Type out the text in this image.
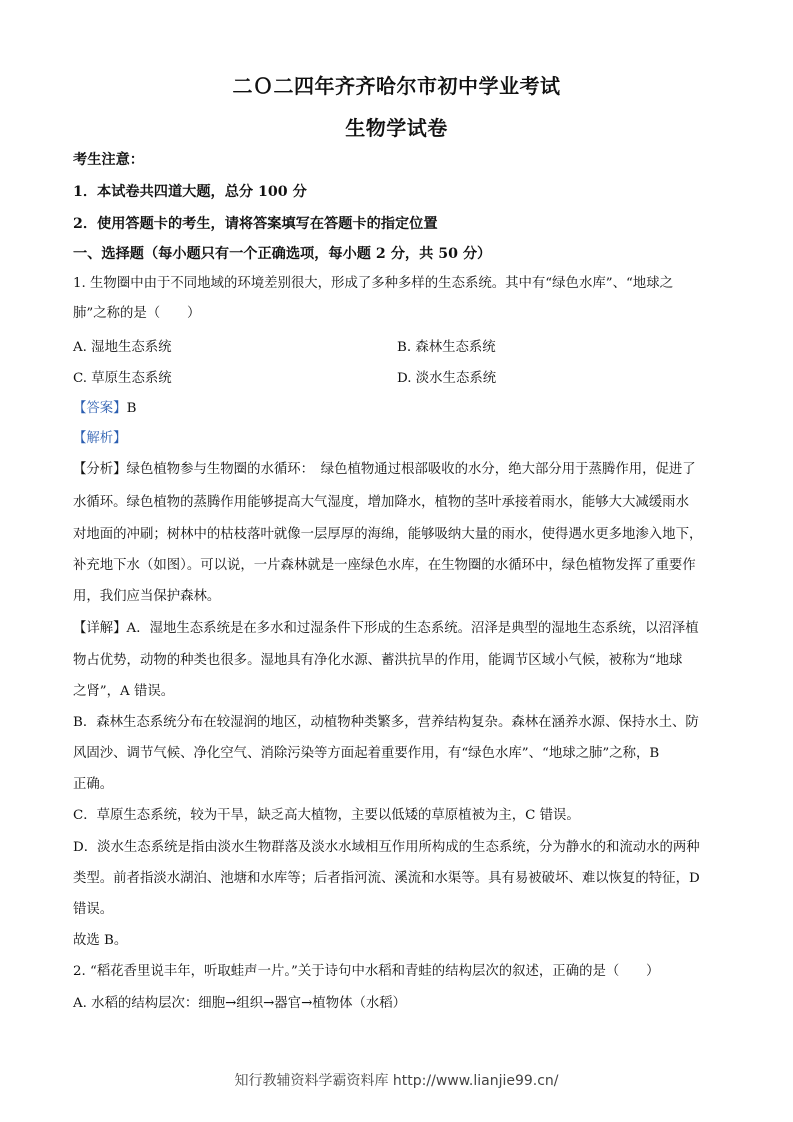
二Ｏ二四年齐齐哈尔市初中学业考试
生物学试卷
考生注意：
1．本试卷共四道大题，总分 100 分
2．使用答题卡的考生，请将答案填写在答题卡的指定位置
一、选择题（每小题只有一个正确选项，每小题 2 分，共 50 分）
1. 生物圈中由于不同地域的环境差别很大，形成了多种多样的生态系统。其中有“绿色水库”、“地球之
肺”之称的是（　　）
A. 湿地生态系统	B. 森林生态系统
C. 草原生态系统	D. 淡水生态系统
【答案】B
【解析】
【分析】绿色植物参与生物圈的水循环：　绿色植物通过根部吸收的水分，绝大部分用于蒸腾作用，促进了
水循环。绿色植物的蒸腾作用能够提高大气湿度，增加降水，植物的茎叶承接着雨水，能够大大减缓雨水
对地面的冲刷；树林中的枯枝落叶就像一层厚厚的海绵，能够吸纳大量的雨水，使得遇水更多地渗入地下，
补充地下水（如图）。可以说，一片森林就是一座绿色水库，在生物圈的水循环中，绿色植物发挥了重要作
用，我们应当保护森林。
【详解】A．湿地生态系统是在多水和过湿条件下形成的生态系统。沼泽是典型的湿地生态系统，以沼泽植
物占优势，动物的种类也很多。湿地具有净化水源、蓄洪抗旱的作用，能调节区域小气候，被称为“地球
之肾”，A 错误。
B．森林生态系统分布在较湿润的地区，动植物种类繁多，营养结构复杂。森林在涵养水源、保持水土、防
风固沙、调节气候、净化空气、消除污染等方面起着重要作用，有“绿色水库”、“地球之肺”之称，B
正确。
C．草原生态系统，较为干旱，缺乏高大植物，主要以低矮的草原植被为主，C 错误。
D．淡水生态系统是指由淡水生物群落及淡水水域相互作用所构成的生态系统，分为静水的和流动水的两种
类型。前者指淡水湖泊、池塘和水库等；后者指河流、溪流和水渠等。具有易被破坏、难以恢复的特征，D
错误。
故选 B。
2. “稻花香里说丰年，听取蛙声一片。”关于诗句中水稻和青蛙的结构层次的叙述，正确的是（　　）
A. 水稻的结构层次：细胞→组织→器官→植物体（水稻）
知行教辅资料学霸资料库 http://www.lianjie99.cn/
